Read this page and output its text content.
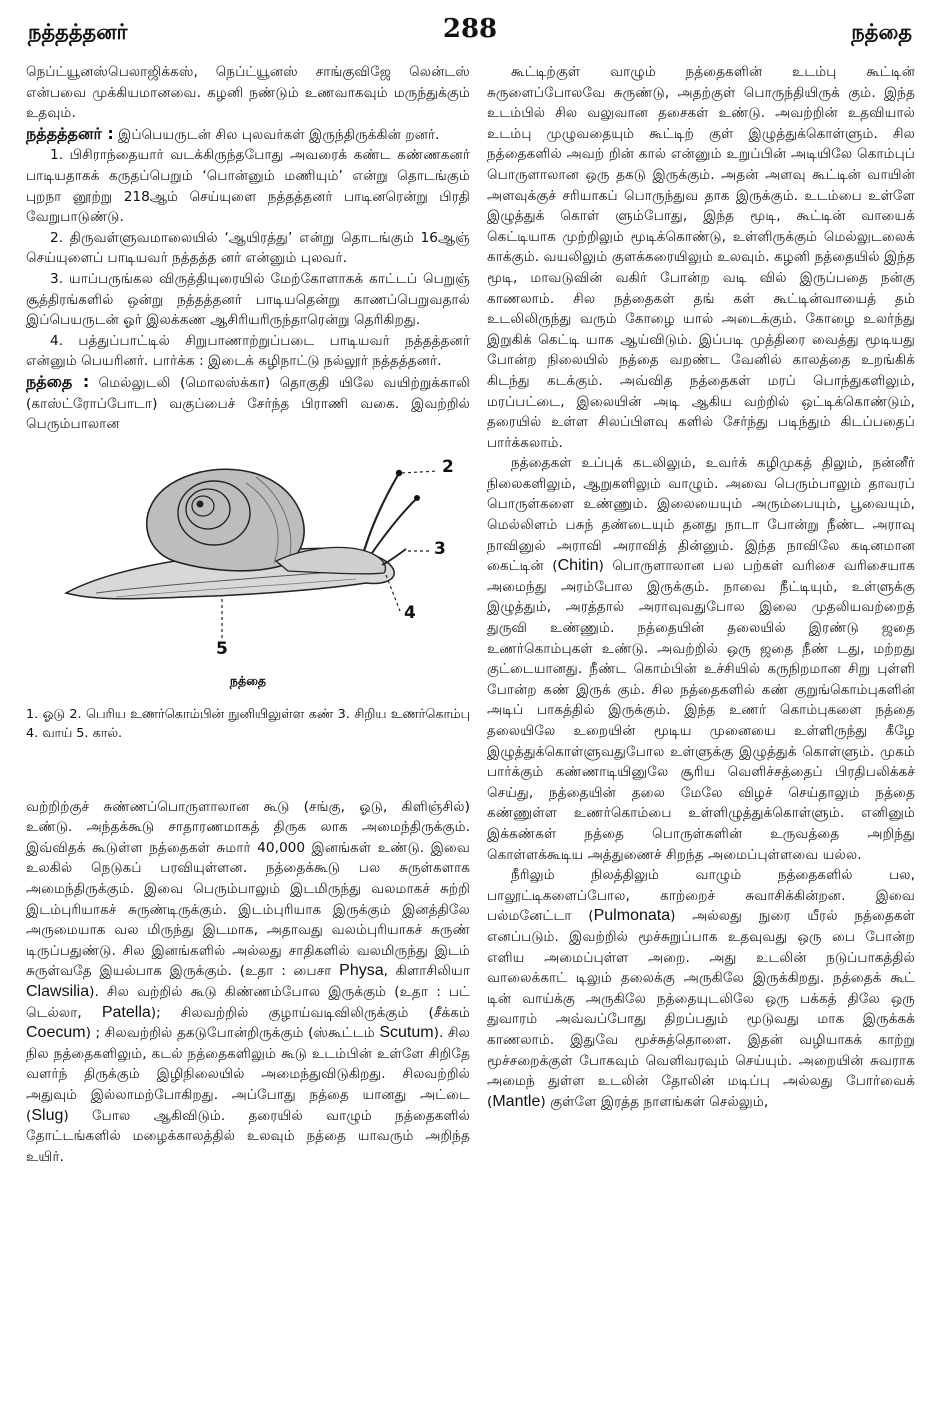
நத்தத்தனர்	288	நத்தை

நெப்ட்யூனஸ்பெலாஜிக்கஸ், நெப்ட்யூனஸ் சாங்குவிஜே லென்டஸ் என்பவை முக்கியமானவை. கழனி நண்டும் உணவாகவும் மருந்துக்கும் உதவும்.

நத்தத்தனர் : இப்பெயருடன் சில புலவர்கள் இருந்திருக்கின் றனர்.

1. பிசிராந்தையார் வடக்கிருந்தபோது அவரைக் கண்ட கண்ணகனர் பாடியதாகக் கருதப்பெறும் ‘பொன்னும் மணியும்’ என்று தொடங்கும் புறநா னூற்று 218ஆம் செய்யுளை நத்தத்தனர் பாடினரென்று பிரதி வேறுபாடுண்டு.

2. திருவள்ளுவமாலையில் ‘ஆயிரத்து’ என்று தொடங்கும் 16ஆஞ் செய்யுளைப் பாடியவர் நத்தத்த னர் என்னும் புலவர்.

3. யாப்பருங்கல விருத்தியுரையில் மேற்கோளாகக் காட்டப் பெறுஞ் சூத்திரங்களில் ஒன்று நத்தத்தனர் பாடியதென்று காணப்பெறுவதால் இப்பெயருடன் ஓர் இலக்கண ஆசிரியரிருந்தாரென்று தெரிகிறது.

4. பத்துப்பாட்டில் சிறுபாணாற்றுப்படை பாடியவர் நத்தத்தனர் என்னும் பெயரினர். பார்க்க : இடைக் கழிநாட்டு நல்லூர் நத்தத்தனர்.

நத்தை : மெல்லுடலி (மொலஸ்க்கா) தொகுதி யிலே வயிற்றுக்காலி (காஸ்ட்ரோப்போடா) வகுப்பைச் சேர்ந்த பிராணி வகை. இவற்றில் பெரும்பாலான

2
3
4
5
நத்தை

1. ஓடு 2. பெரிய உணர்கொம்பின் நுனியிலுள்ள கண் 3. சிறிய உணர்கொம்பு 4. வாய் 5. கால்.

வற்றிற்குச் சுண்ணப்பொருளாலான கூடு (சங்கு, ஓடு, கிளிஞ்சில்) உண்டு. அந்தக்கூடு சாதாரணமாகத் திருக லாக அமைந்திருக்கும். இவ்விதக் கூடுள்ள நத்தைகள் சுமார் 40,000 இனங்கள் உண்டு. இவை உலகில் நெடுகப் பரவியுள்ளன. நத்தைக்கூடு பல சுருள்களாக அமைந்திருக்கும். இவை பெரும்பாலும் இடமிருந்து வலமாகச் சுற்றி இடம்புரியாகச் சுருண்டிருக்கும். இடம்புரியாக இருக்கும் இனத்திலே அருமையாக வல மிருந்து இடமாக, அதாவது வலம்புரியாகச் சுருண் டிருப்பதுண்டு. சில இனங்களில் அல்லது சாதிகளில் வலமிருந்து இடம் சுருள்வதே இயல்பாக இருக்கும். (உதா : பைசா Physa, கிளாசிலியா Clawsilia). சில வற்றில் கூடு கிண்ணம்போல இருக்கும் (உதா : பட் டெல்லா, Patella); சிலவற்றில் குழாய்வடிவிலிருக்கும் (சீக்கம் Coecum) ; சிலவற்றில் தகடுபோன்றிருக்கும் (ஸ்கூட்டம் Scutum). சில நில நத்தைகளிலும், கடல் நத்தைகளிலும் கூடு உடம்பின் உள்ளே சிறிதே வளர்ந் திருக்கும் இழிநிலையில் அமைந்துவிடுகிறது. சிலவற்றில் அதுவும் இல்லாமற்போகிறது. அப்போது நத்தை யானது அட்டை (Slug) போல ஆகிவிடும். தரையில் வாழும் நத்தைகளில் தோட்டங்களில் மழைக்காலத்தில் உலவும் நத்தை யாவரும் அறிந்த உயிர்.

கூட்டிற்குள் வாழும் நத்தைகளின் உடம்பு கூட்டின் சுருளைப்போலவே சுருண்டு, அதற்குள் பொருந்தியிருக் கும். இந்த உடம்பில் சில வலுவான தசைகள் உண்டு. அவற்றின் உதவியால் உடம்பு முழுவதையும் கூட்டிற் குள் இழுத்துக்கொள்ளும். சில நத்தைகளில் அவற் றின் கால் என்னும் உறுப்பின் அடியிலே கொம்புப் பொருளாலான ஒரு தகடு இருக்கும். அதன் அளவு கூட்டின் வாயின் அளவுக்குச் சரியாகப் பொருந்துவ தாக இருக்கும். உடம்பை உள்ளே இழுத்துக் கொள் ளும்போது, இந்த மூடி, கூட்டின் வாயைக் கெட்டியாக முற்றிலும் மூடிக்கொண்டு, உள்ளிருக்கும் மெல்லுடலைக் காக்கும். வயலிலும் குளக்கரையிலும் உலவும். கழனி நத்தையில் இந்த மூடி, மாவடுவின் வகிர் போன்ற வடி வில் இருப்பதை நன்கு காணலாம். சில நத்தைகள் தங் கள் கூட்டின்வாயைத் தம் உடலிலிருந்து வரும் கோழை யால் அடைக்கும். கோழை உலர்ந்து இறுகிக் கெட்டி யாக ஆய்விடும். இப்படி முத்திரை வைத்து மூடியது போன்ற நிலையில் நத்தை வறண்ட வேனில் காலத்தை உறங்கிக் கிடந்து கடக்கும். அவ்வித நத்தைகள் மரப் பொந்துகளிலும், மரப்பட்டை, இலையின் அடி ஆகிய வற்றில் ஒட்டிக்கொண்டும், தரையில் உள்ள சிலப்பிளவு களில் சேர்ந்து படிந்தும் கிடப்பதைப் பார்க்கலாம்.

நத்தைகள் உப்புக் கடலிலும், உவர்க் கழிமுகத் திலும், நன்னீர் நிலைகளிலும், ஆறுகளிலும் வாழும். அவை பெரும்பாலும் தாவரப் பொருள்களை உண்ணும். இலையையும் அரும்பையும், பூவையும், மெல்லிளம் பசுந் தண்டையும் தனது நாடா போன்று நீண்ட அராவு நாவினுல் அராவி அராவித் தின்னும். இந்த நாவிலே கடினமான கைட்டின் (Chitin) பொருளாலான பல பற்கள் வரிசை வரிசையாக அமைந்து அரம்போல இருக்கும். நாவை நீட்டியும், உள்ளுக்கு இழுத்தும், அரத்தால் அராவுவதுபோல இலை முதலியவற்றைத் துருவி உண்ணும். நத்தையின் தலையில் இரண்டு ஜதை உணர்கொம்புகள் உண்டு. அவற்றில் ஒரு ஜதை நீண் டது, மற்றது குட்டையானது. நீண்ட கொம்பின் உச்சியில் கருநிறமான சிறு புள்ளி போன்ற கண் இருக் கும். சில நத்தைகளில் கண் குறுங்கொம்புகளின் அடிப் பாகத்தில் இருக்கும். இந்த உணர் கொம்புகளை நத்தை தலையிலே உறையின் மூடிய முனையை உள்ளிருந்து கீழே இழுத்துக்கொள்ளுவதுபோல உள்ளுக்கு இழுத்துக் கொள்ளும். முகம் பார்க்கும் கண்ணாடியினுலே சூரிய வெளிச்சத்தைப் பிரதிபலிக்கச் செய்து, நத்தையின் தலை மேலே விழச் செய்தாலும் நத்தை கண்ணுள்ள உணர்கொம்பை உள்ளிழுத்துக்கொள்ளும். எனினும் இக்கண்கள் நத்தை பொருள்களின் உருவத்தை அறிந்து கொள்ளக்கூடிய அத்துணைச் சிறந்த அமைப்புள்ளவை யல்ல.

நீரிலும் நிலத்திலும் வாழும் நத்தைகளில் பல, பாலூட்டிகளைப்போல, காற்றைச் சுவாசிக்கின்றன. இவை பல்மனேட்டா (Pulmonata) அல்லது நுரை யீரல் நத்தைகள் எனப்படும். இவற்றில் மூச்சுறுப்பாக உதவுவது ஒரு பை போன்ற எளிய அமைப்புள்ள அறை. அது உடலின் நடுப்பாகத்தில் வாலைக்காட் டிலும் தலைக்கு அருகிலே இருக்கிறது. நத்தைக் கூட் டின் வாய்க்கு அருகிலே நத்தையுடலிலே ஒரு பக்கத் திலே ஒரு துவாரம் அவ்வப்போது திறப்பதும் மூடுவது மாக இருக்கக் காணலாம். இதுவே மூச்சுத்தொளை. இதன் வழியாகக் காற்று மூச்சறைக்குள் போகவும் வெளிவரவும் செய்யும். அறையின் சுவராக அமைந் துள்ள உடலின் தோலின் மடிப்பு அல்லது போர்வைக் (Mantle) குள்ளே இரத்த நாளங்கள் செல்லும்,
